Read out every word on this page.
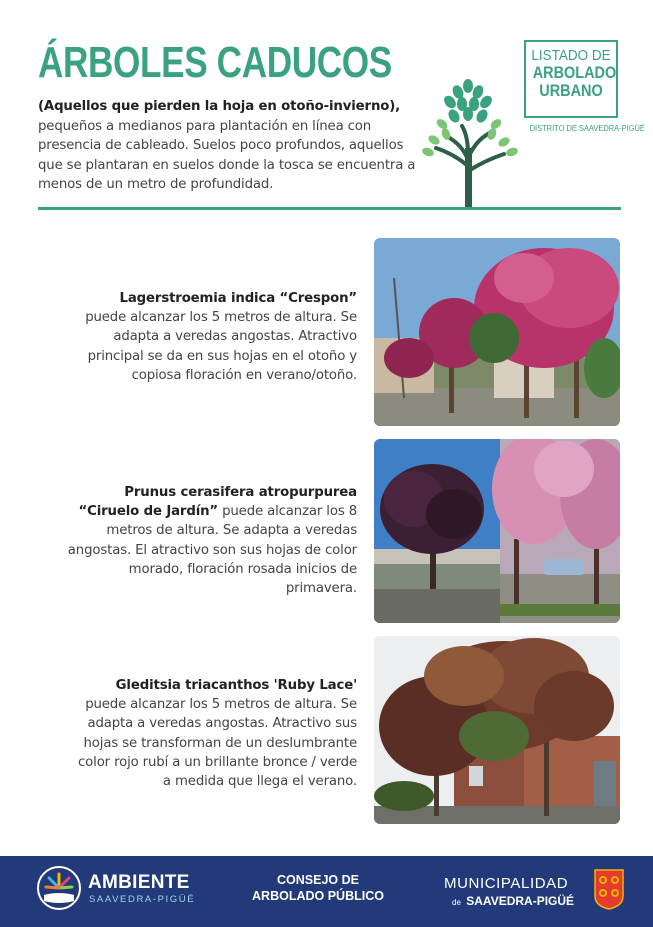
ÁRBOLES CADUCOS
(Aquellos que pierden la hoja en otoño-invierno), pequeños a medianos para plantación en línea con presencia de cableado. Suelos poco profundos, aquellos que se plantaran en suelos donde la tosca se encuentra a menos de un metro de profundidad.
LISTADO DE
ARBOLADO
URBANO
DISTRITO DE SAAVEDRA-PIGÜÉ
Lagerstroemia indica “Crespon” puede alcanzar los 5 metros de altura. Se adapta a veredas angostas. Atractivo principal se da en sus hojas en el otoño y copiosa floración en verano/otoño.
Prunus cerasifera atropurpurea “Ciruelo de Jardín” puede alcanzar los 8 metros de altura. Se adapta a veredas angostas. El atractivo son sus hojas de color morado, floración rosada inicios de primavera.
Gleditsia triacanthos 'Ruby Lace' puede alcanzar los 5 metros de altura. Se adapta a veredas angostas. Atractivo sus hojas se transforman de un deslumbrante color rojo rubí a un brillante bronce / verde a medida que llega el verano.
AMBIENTE
SAAVEDRA-PIGÜÉ
CONSEJO DE
ARBOLADO PÚBLICO
MUNICIPALIDAD
de SAAVEDRA-PIGÜÉ
